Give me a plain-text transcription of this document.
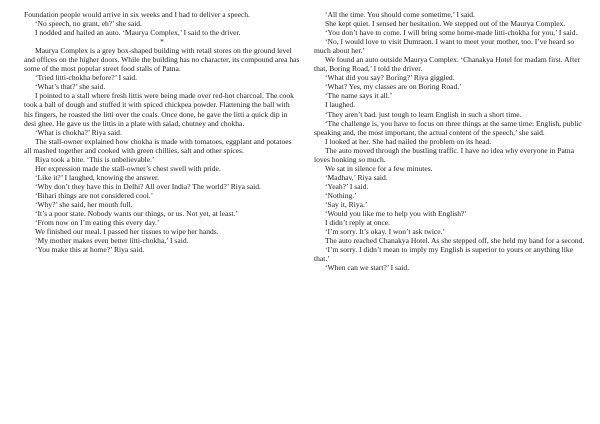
Foundation people would arrive in six weeks and I had to deliver a speech.

‘No speech, no grant, eh?’ she said.

I nodded and hailed an auto. ‘Maurya Complex,’ I said to the driver.

*

Maurya Complex is a grey box-shaped building with retail stores on the ground level and offices on the higher doors. While the building has no character, its compound area has some of the most popular street food stalls of Patna.

‘Tried litti-chokha before?’ I said.

‘What’s that?’ she said.

I pointed to a stall where fresh littis were being made over red-hot charcoal. The cook took a ball of dough and stuffed it with spiced chickpea powder. Flattening the ball with his fingers, he roasted the litti over the coals. Once done, he gave the litti a quick dip in desi ghee. He gave us the littis in a plate with salad, chutney and chokha.

‘What is chokha?’ Riya said.

The stall-owner explained how chokha is made with tomatoes, eggplant and potatoes all mashed together and cooked with green chillies, salt and other spices.

Riya took a bite. ‘This is unbelievable.’

Her expression made the stall-owner’s chest swell with pride.

‘Like it?’ I laughed, knowing the answer.

‘Why don’t they have this in Delhi? All over India? The world?’ Riya said.

‘Bihari things are not considered cool.’

‘Why?’ she said, her mouth full.

‘It’s a poor state. Nobody wants our things, or us. Not yet, at least.’

‘From now on I’m eating this every day.’

We finished our meal. I passed her tissues to wipe her hands.

‘My mother makes even better litti-chokha,’ I said.

‘You make this at home?’ Riya said.

‘All the time. You should come sometime,’ I said.

She kept quiet. I sensed her hesitation. We stepped out of the Maurya Complex.

‘You don’t have to come. I will bring some home-made litti-chokha for you,’ I said.

‘No, I would love to visit Dumraon. I want to meet your mother, too. I’ve heard so much about her.’

We found an auto outside Maurya Complex. ‘Chanakya Hotel for madam first. After that, Boring Road,’ I told the driver.

‘What did you say? Boring?’ Riya giggled.

‘What? Yes, my classes are on Boring Road.’

‘The name says it all.’

I laughed.

‘They aren’t bad. just tough to learn English in such a short time.

‘The challenge is, you have to focus on three things at the same time: English, public speaking and, the most important, the actual content of the speech,’ she said.

I looked at her. She had nailed the problem on its head.

The auto moved through the bustling traffic. I have no idea why everyone in Patna loves honking so much.

We sat in silence for a few minutes.

‘Madhav,’ Riya said.

‘Yeah?’ I said.

‘Nothing.’

‘Say it, Riya.’

‘Would you like me to help you with English?’

I didn’t reply at once.

‘I’m sorry. It’s okay. I won’t ask twice.’

The auto reached Chanakya Hotel. As she stepped off, she held my hand for a second.

‘I’m sorry. I didn’t mean to imply my English is superior to yours or anything like that.’

‘When can we start?’ I said.
